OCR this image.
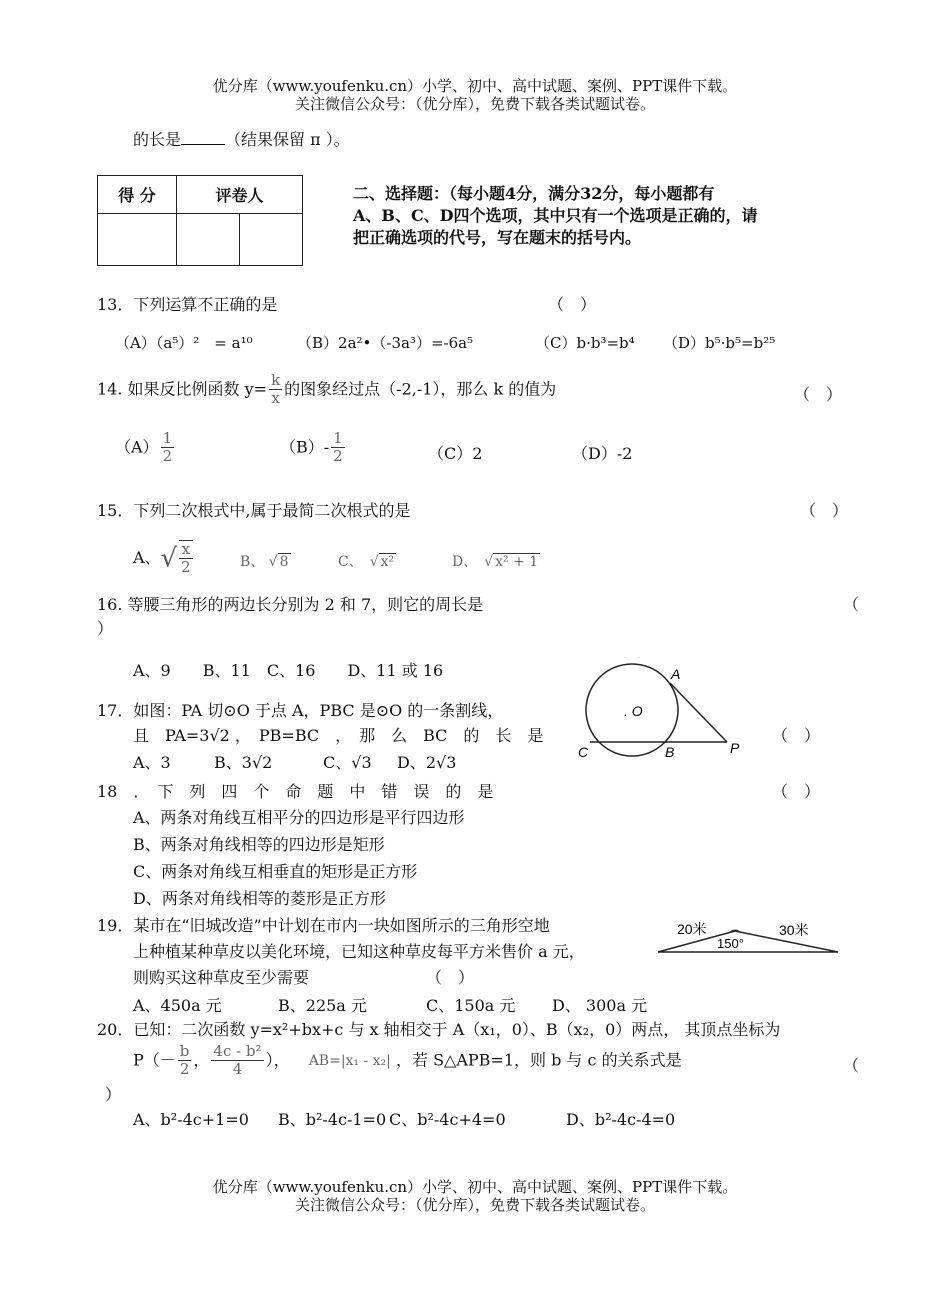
优分库（www.youfenku.cn）小学、初中、高中试题、案例、PPT课件下载。
关注微信公众号：（优分库），免费下载各类试题试卷。
的长是	（结果保留 π ）。
得 分	评卷人	
			二、选择题：（每小题4分，满分32分，每小题都有
A、B、C、D四个选项，其中只有一个选项是正确的，请
把正确选项的代号，写在题末的括号内。
13．下列运算不正确的是	（　）
（A）（a⁵）²　= a¹⁰	（B）2a²•（-3a³）=-6a⁵	（C）b·b³=b⁴ （D）b⁵·b⁵=b²⁵
14. 如果反比例函数 $y= \frac{k}{x}$ 的图象经过点（-2,-1），那么 k 的值为	（　）
$(A) \frac{1}{2}$	$(B)- \frac{1}{2}$	（C）2	（D）-2
15．下列二次根式中,属于最简二次根式的是	（　）
A、√ $\frac{x}{2}$	B、 √ 8	C、　√ x²	D、　√ x² + 1
16. 等腰三角形的两边长分别为 2 和 7，则它的周长是	（
）
A、9　　B、11　C、16　　D、11 或 16
17．如图：PA 切⊙O 于点 A，PBC 是⊙O 的一条割线，
且　PA=3√2 ，　PB=BC　，　那　么　BC　的　长　是
A、3	B、3√2	C、√3 D、2√3
（　）
A
. O
C	B	P
18　．　下　列　四　个　命　题　中　错　误　的　是	（　）
A、两条对角线互相平分的四边形是平行四边形
B、两条对角线相等的四边形是矩形
C、两条对角线互相垂直的矩形是正方形
D、两条对角线相等的菱形是正方形
19．某市在“旧城改造”中计划在市内一块如图所示的三角形空地
上种植某种草皮以美化环境，已知这种草皮每平方米售价 a 元，
则购买这种草皮至少需要	（　）
A、450a 元	B、225a 元	C、150a 元 D、 300a 元
20米	30米
150°
20．已知：二次函数 y=x²+bx+c 与 x 轴相交于 A（x₁，0）、B（x₂，0）两点， 其顶点坐标为
$P(- \frac{b}{2}$ ， $\frac{\text{4c - b²}}{4}$ ）， AB=|x₁ - x₂| ，若 S△APB=1，则 b 与 c 的关系式是	（
）
A、b²-4c+1=0 B、b²-4c-1=0 C、b²-4c+4=0	D、b²-4c-4=0
优分库（www.youfenku.cn）小学、初中、高中试题、案例、PPT课件下载。
关注微信公众号：（优分库），免费下载各类试题试卷。
